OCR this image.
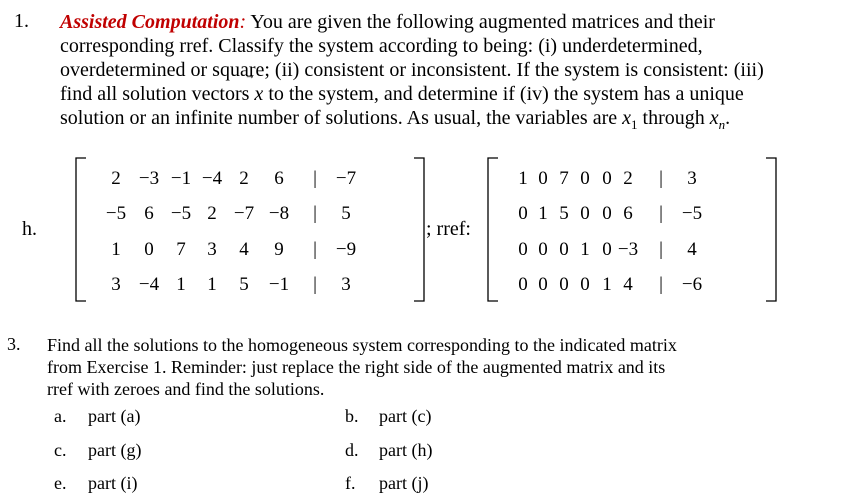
1. Assisted Computation: You are given the following augmented matrices and their
corresponding rref. Classify the system according to being: (i) underdetermined,
overdetermined or square; (ii) consistent or inconsistent. If the system is consistent: (iii)
find all solution vectors x
to the system, and determine if (iv) the system has a unique
solution or an infinite number of solutions. As usual, the variables are $x_1$ through $x_n$.
h.
2 −3 −1 −4 2	6	| −7
−5 6 −5 2 −7 −8 |	5
1	0	7	3	4	9	| −9
3 −4 1	1	5	−1 |	3
; rref:
1 0 7 0 0 2	|	3
0 1 5 0 0 6	| −5
0 0 0 1 0 −3 |	4
0 0 0 0 1 4	| −6
3. Find all the solutions to the homogeneous system corresponding to the indicated matrix
from Exercise 1. Reminder: just replace the right side of the augmented matrix and its
rref with zeroes and find the solutions.
a. part (a)	b. part (c)
c. part (g)	d. part (h)
e. part (i)	f. part (j)
